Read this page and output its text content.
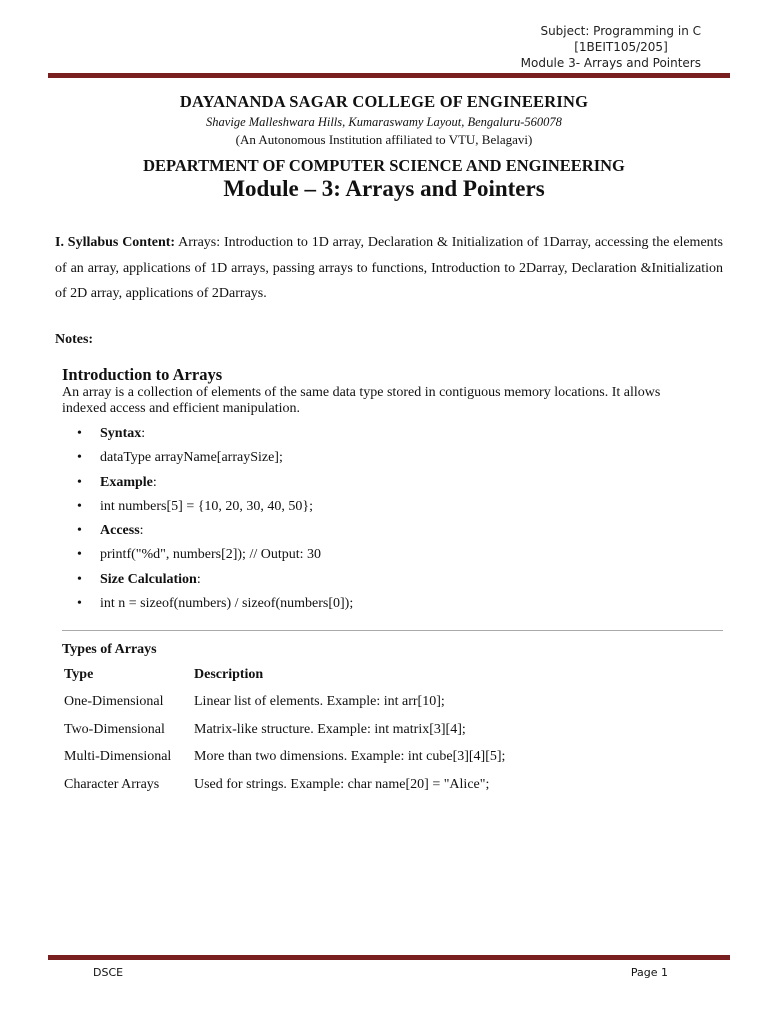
Subject: Programming in C
[1BEIT105/205]
Module 3- Arrays and Pointers
DAYANANDA SAGAR COLLEGE OF ENGINEERING
Shavige Malleshwara Hills, Kumaraswamy Layout, Bengaluru-560078
(An Autonomous Institution affiliated to VTU, Belagavi)
DEPARTMENT OF COMPUTER SCIENCE AND ENGINEERING
Module – 3: Arrays and Pointers
I. Syllabus Content: Arrays: Introduction to 1D array, Declaration & Initialization of 1Darray, accessing the elements of an array, applications of 1D arrays, passing arrays to functions, Introduction to 2Darray, Declaration &Initialization of 2D array, applications of 2Darrays.
Notes:
Introduction to Arrays
An array is a collection of elements of the same data type stored in contiguous memory locations. It allows indexed access and efficient manipulation.
• Syntax:
• dataType arrayName[arraySize];
• Example:
• int numbers[5] = {10, 20, 30, 40, 50};
• Access:
• printf("%d", numbers[2]); // Output: 30
• Size Calculation:
• int n = sizeof(numbers) / sizeof(numbers[0]);
Types of Arrays
Type	Description
One-Dimensional	Linear list of elements. Example: int arr[10];
Two-Dimensional	Matrix-like structure. Example: int matrix[3][4];
Multi-Dimensional	More than two dimensions. Example: int cube[3][4][5];
Character Arrays	Used for strings. Example: char name[20] = "Alice";
DSCE	Page 1
